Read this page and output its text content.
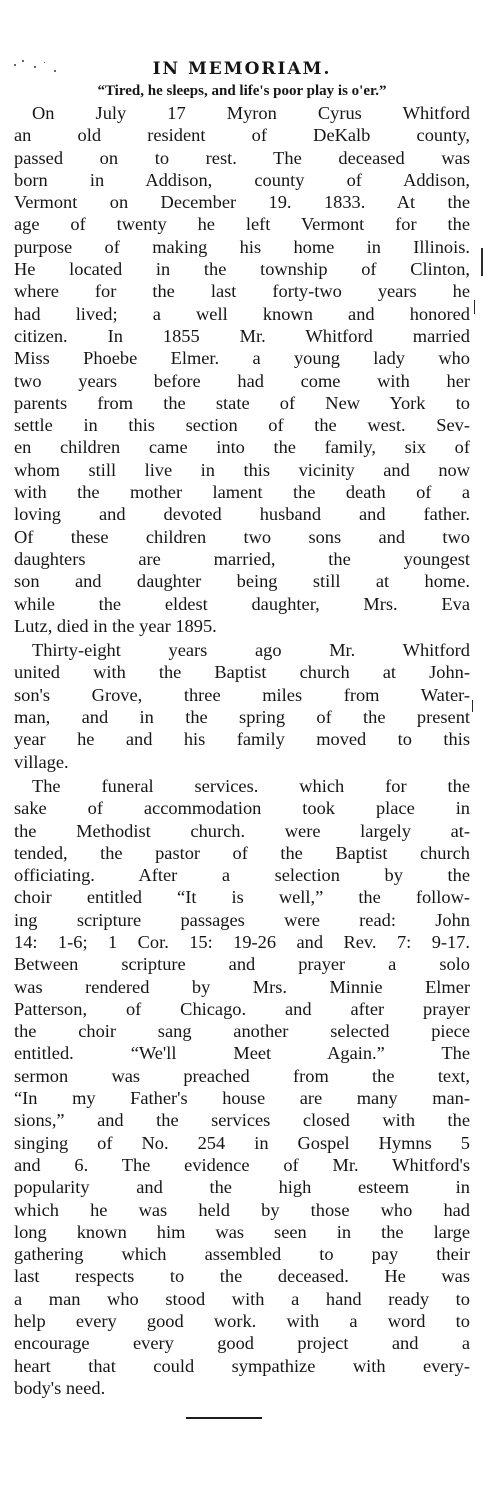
IN MEMORIAM.

“Tired, he sleeps, and life's poor play is o'er.”

On July 17 Myron Cyrus Whitford
an old resident of DeKalb county,
passed on to rest. The deceased was
born in Addison, county of Addison,
Vermont on December 19. 1833. At the
age of twenty he left Vermont for the
purpose of making his home in Illinois.
He located in the township of Clinton,
where for the last forty-two years he
had lived; a well known and honored
citizen. In 1855 Mr. Whitford married
Miss Phoebe Elmer. a young lady who
two years before had come with her
parents from the state of New York to
settle in this section of the west. Sev-
en children came into the family, six of
whom still live in this vicinity and now
with the mother lament the death of a
loving and devoted husband and father.
Of these children two sons and two
daughters are married, the youngest
son and daughter being still at home.
while the eldest daughter, Mrs. Eva
Lutz, died in the year 1895.
Thirty-eight years ago Mr. Whitford
united with the Baptist church at John-
son's Grove, three miles from Water-
man, and in the spring of the present
year he and his family moved to this
village.
The funeral services. which for the
sake of accommodation took place in
the Methodist church. were largely at-
tended, the pastor of the Baptist church
officiating. After a selection by the
choir entitled “It is well,” the follow-
ing scripture passages were read: John
14: 1-6; 1 Cor. 15: 19-26 and Rev. 7: 9-17.
Between scripture and prayer a solo
was rendered by Mrs. Minnie Elmer
Patterson, of Chicago. and after prayer
the choir sang another selected piece
entitled. “We'll Meet Again.” The
sermon was preached from the text,
“In my Father's house are many man-
sions,” and the services closed with the
singing of No. 254 in Gospel Hymns 5
and 6. The evidence of Mr. Whitford's
popularity and the high esteem in
which he was held by those who had
long known him was seen in the large
gathering which assembled to pay their
last respects to the deceased. He was
a man who stood with a hand ready to
help every good work. with a word to
encourage every good project and a
heart that could sympathize with every-
body's need.
